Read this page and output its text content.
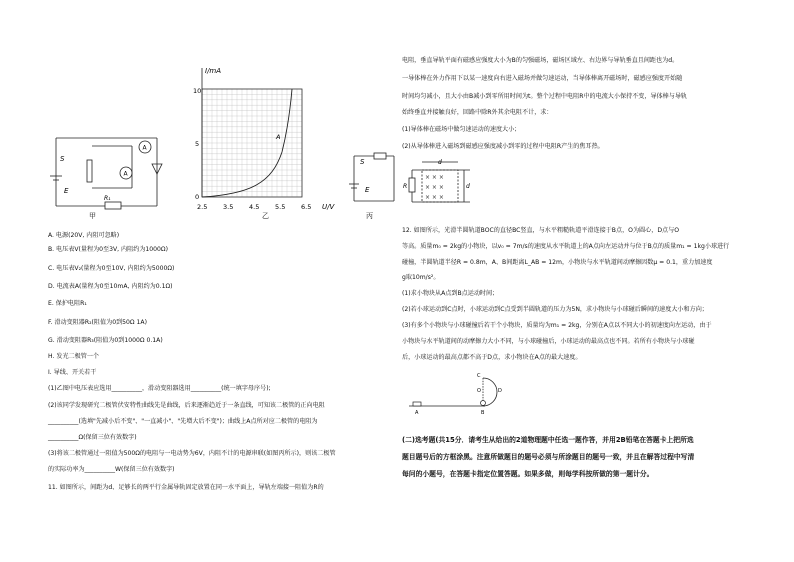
A
A
S
E
R₁
甲
I/mA
10
5
0
A
2.5 3.5 4.5 5.5 6.5 U/V
乙
S
E
丙
A. 电源(20V, 内阻可忽略)
B. 电压表V(量程为0至3V, 内阻约为1000Ω)
C. 电压表V₂(量程为0至10V, 内阻约为5000Ω)
D. 电流表A(量程为0至10mA, 内阻约为0.1Ω)
E. 保护电阻R₁
F. 滑动变阻器R₂(阻值为0到50Ω 1A)
G. 滑动变阻器R₃(阻值为0到1000Ω 0.1A)
H. 发光二极管一个
I. 导线、开关若干
(1)乙图中电压表应选用__________，滑动变阻器选用__________(统一填字母序号);
(2)该同学发现研究二极管伏安特性曲线先是曲线，后来逐渐趋近于一条直线，可知该二极管的正向电阻
__________(选填"先减小后不变"、"一直减小"、"先增大后不变")；曲线上A点所对应二极管的电阻为
__________Ω(保留三位有效数字)
(3)将该二极管通过一阻值为500Ω的电阻与一电动势为6V，内阻不计的电源串联(如图丙所示)，则该二极管
的实际功率为__________W(保留三位有效数字)
11. 如图所示，间距为d、足够长的两平行金属导轨固定放置在同一水平面上，导轨左端接一阻值为R的
电阻，垂直导轨平面有磁感应强度大小为B的匀强磁场，磁场区域左、右边界与导轨垂直且间距也为d。
一导体棒在外力作用下以某一速度向右进入磁场并做匀速运动，当导体棒离开磁场时，磁感应强度开始随
时间均匀减小，且大小由B减小到零所用时间为t。整个过程中电阻R中的电流大小保持不变，导体棒与导轨
始终垂直并接触良好，回路中除R外其余电阻不计，求：
(1)导体棒在磁场中做匀速运动的速度大小；
(2)从导体棒进入磁场到磁感应强度减小到零的过程中电阻R产生的焦耳热。
d
d
R
× × ×
× × ×
× × ×
12. 如图所示，光滑半圆轨道BOC的直径BC竖直，与水平粗糙轨道平滑连接于B点，O为圆心，D点与O
等高。质量m₀ = 2kg的小物块，以v₀ = 7m/s的速度从水平轨道上的A点向左运动并与位于B点的质量m₁ = 1kg小球进行
碰撞，半圆轨道半径R = 0.8m，A、B间距离L_AB = 12m，小物块与水平轨道间动摩擦因数μ = 0.1，重力加速度
g取10m/s²。
(1)求小物块从A点到B点运动时间；
(2)若小球运动到C点时，小球运动到C点受到半圆轨道的压力为5N，求小物块与小球碰后瞬间的速度大小和方向；
(3)有多个小物块与小球碰撞后若干个小物块，质量均为m₁ = 2kg，分别在A点以不同大小的初速度向左运动，由于
小物块与水平轨道间的动摩擦力大小不同，与小球碰撞后，小球运动的最高点也不同。若所有小物块与小球碰
后，小球运动的最高点都不高于D点，求小物块在A点的最大速度。
C
O	D
B
A
(二)选考题(共15分．请考生从给出的2道物理题中任选一题作答，并用2B铅笔在答题卡上把所选
题目题号后的方框涂黑。注意所做题目的题号必须与所涂题目的题号一致，并且在解答过程中写清
每问的小题号，在答题卡指定位置答题。如果多做，则每学科按所做的第一题计分。
